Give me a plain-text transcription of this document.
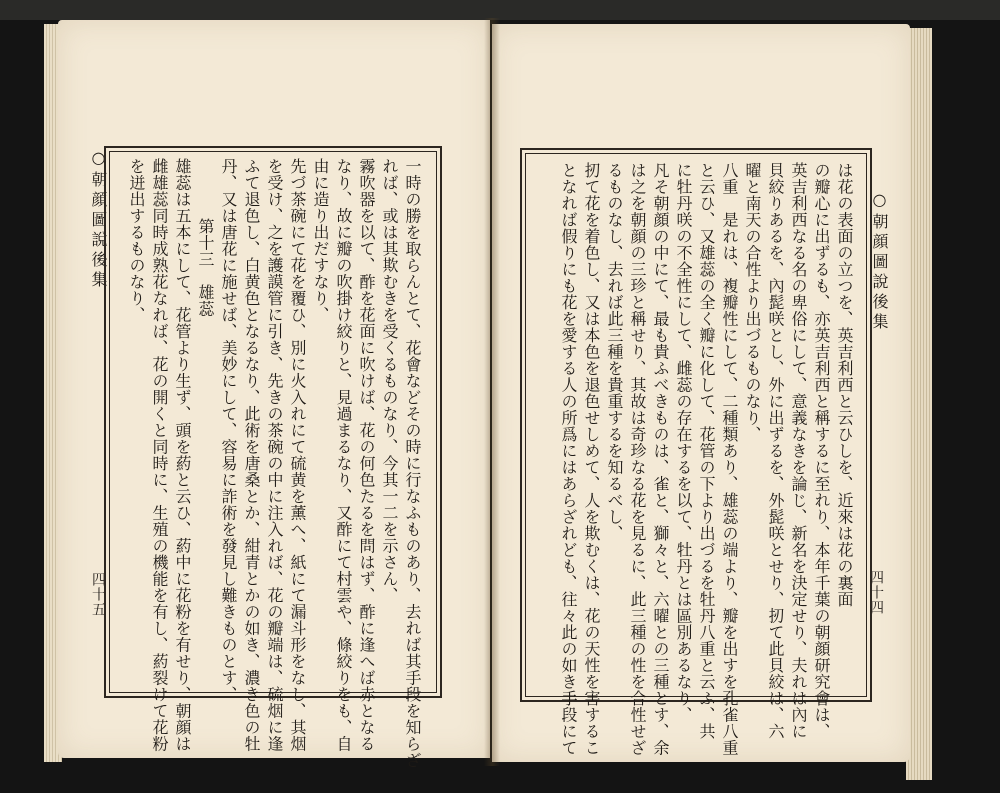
○朝顔圖說後集
四十五	一時の勝を取らんとて、花會などその時に行なふものあり、去れば其手段を知らざ
れば、或は其欺むきを受くるものなり、今其一二を示さん、
霧吹器を以て、酢を花面に吹けば、花の何色たるを問はず、酢に逢へば赤となる
なり、故に瓣の吹掛け絞りと、見過まるなり、又酢にて村雲や、條絞りをも、自
由に造り出だすなり、
先づ茶碗にて花を覆ひ、別に火入れにて硫黄を薰へ、紙にて漏斗形をなし、其烟
を受け、之を護謨管に引き、先きの茶碗の中に注入れば、花の瓣端は、硫烟に逢
ふて退色し、白黄色となるなり、此術を唐桑とか、紺青とかの如き、濃き色の牡
丹、又は唐花に施せば、美妙にして、容易に詐術を發見し難きものとす、
第十三　雄蕊
雄蕊は五本にして、花管より生ず、頭を葯と云ひ、葯中に花粉を有せり、朝顔は
雌雄蕊同時成熟花なれば、花の開くと同時に、生殖の機能を有し、葯裂けて花粉
を迸出するものなり、	○朝顔圖說後集
四十四
は花の表面の立つを、英吉利西と云ひしを、近來は花の裏面
の瓣心に出ずるも、亦英吉利西と稱するに至れり、本年千葉の朝顔研究會は、
英吉利西なる名の卑俗にして、意義なきを論じ、新名を決定せり、夫れは內に
貝絞りあるを、內髭咲とし、外に出ずるを、外髭咲とせり、扨て此貝絞は、六
曜と南天の合性より出づるものなり、
八重　是れは、複瓣性にして、二種類あり、雄蕊の端より、瓣を出すを孔雀八重
と云ひ、又雄蕊の全く瓣に化して、花管の下より出づるを牡丹八重と云ふ、共
に牡丹咲の不全性にして、雌蕊の存在するを以て、牡丹とは區別あるなり、
凡そ朝顔の中にて、最も貴ふべきものは、雀と、獅々と、六曜との三種とす、余
は之を朝顔の三珍と稱せり、其故は奇珍なる花を見るに、此三種の性を合性せざ
るものなし、去れば此三種を貴重するを知るべし、
扨て花を着色し、又は本色を退色せしめて、人を欺むくは、花の天性を害するこ
となれば假りにも花を愛する人の所爲にはあらざれども、往々此の如き手段にて
